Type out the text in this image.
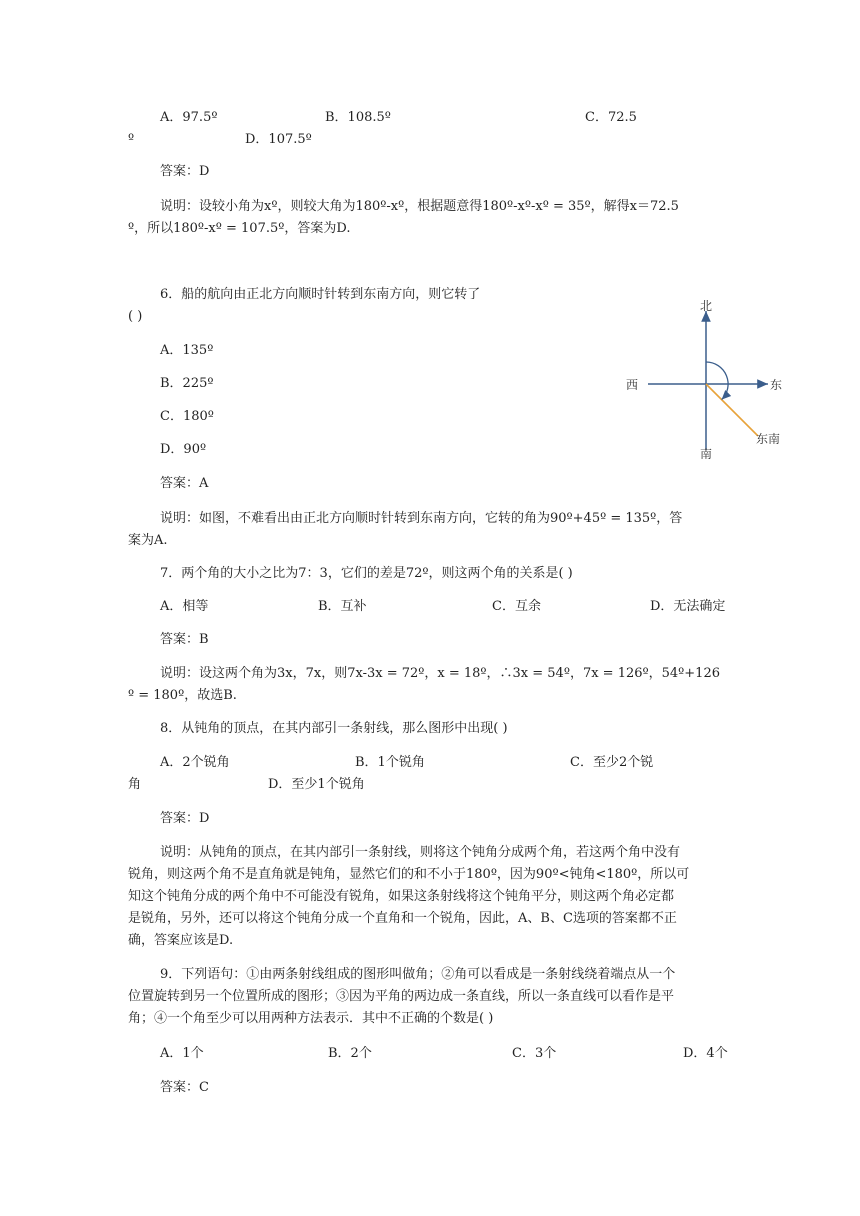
A．97.5º	B．108.5º	C．72.5
º	D．107.5º
答案：D
说明：设较小角为xº，则较大角为180º-xº，根据题意得180º-xº-xº = 35º，解得x＝72.5
º，所以180º-xº = 107.5º，答案为D.
6．船的航向由正北方向顺时针转到东南方向，则它转了
( )
A．135º
B．225º
C．180º
D．90º
答案：A
说明：如图，不难看出由正北方向顺时针转到东南方向，它转的角为90º+45º = 135º，答
案为A.
北
南
东
西
东南
7．两个角的大小之比为7：3，它们的差是72º，则这两个角的关系是( )
A．相等	B．互补	C．互余	D．无法确定
答案：B
说明：设这两个角为3x，7x，则7x-3x = 72º，x = 18º，∴3x = 54º，7x = 126º，54º+126
º = 180º，故选B.
8．从钝角的顶点，在其内部引一条射线，那么图形中出现( )
A．2个锐角	B．1个锐角	C．至少2个锐
角	D．至少1个锐角
答案：D
说明：从钝角的顶点，在其内部引一条射线，则将这个钝角分成两个角，若这两个角中没有
锐角，则这两个角不是直角就是钝角，显然它们的和不小于180º，因为90º<钝角<180º，所以可
知这个钝角分成的两个角中不可能没有锐角，如果这条射线将这个钝角平分，则这两个角必定都
是锐角，另外，还可以将这个钝角分成一个直角和一个锐角，因此，A、B、C选项的答案都不正
确，答案应该是D.
9．下列语句：①由两条射线组成的图形叫做角；②角可以看成是一条射线绕着端点从一个
位置旋转到另一个位置所成的图形；③因为平角的两边成一条直线，所以一条直线可以看作是平
角；④一个角至少可以用两种方法表示．其中不正确的个数是( )
A．1个	B．2个	C．3个	D．4个
答案：C
